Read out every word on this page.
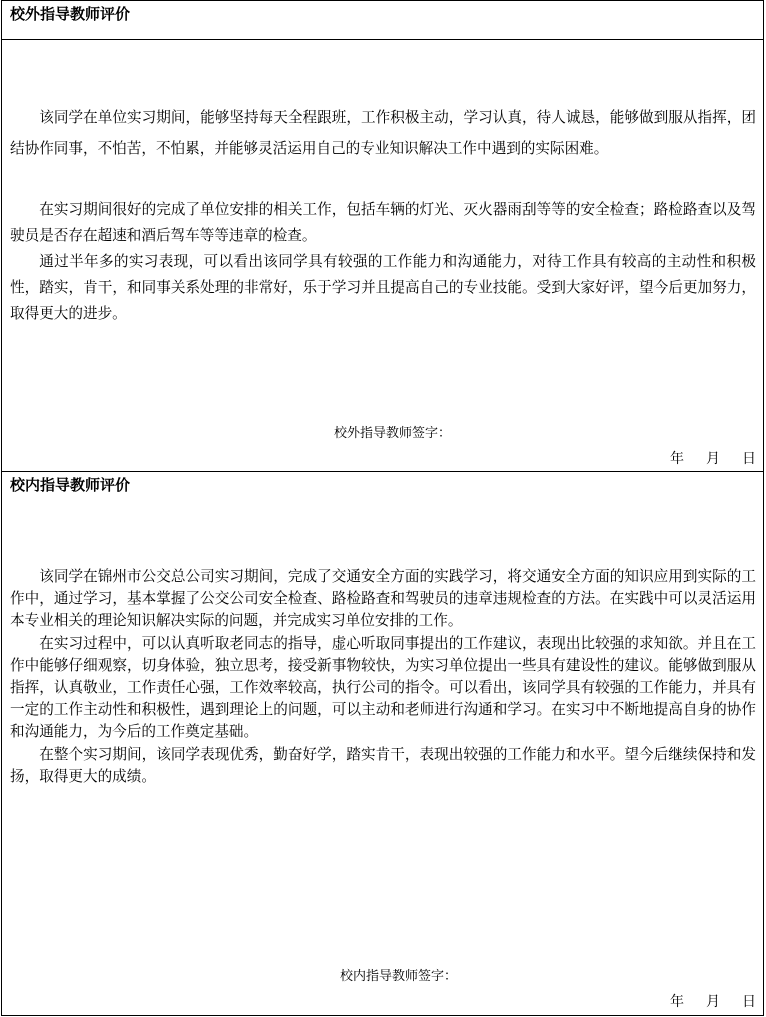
校外指导教师评价

该同学在单位实习期间，能够坚持每天全程跟班，工作积极主动，学习认真，待人诚恳，能够做到服从指挥，团结协作同事，不怕苦，不怕累，并能够灵活运用自己的专业知识解决工作中遇到的实际困难。

在实习期间很好的完成了单位安排的相关工作，包括车辆的灯光、灭火器雨刮等等的安全检查；路检路查以及驾驶员是否存在超速和酒后驾车等等违章的检查。

通过半年多的实习表现，可以看出该同学具有较强的工作能力和沟通能力，对待工作具有较高的主动性和积极性，踏实，肯干，和同事关系处理的非常好，乐于学习并且提高自己的专业技能。受到大家好评，望今后更加努力，取得更大的进步。

校外指导教师签字：
年 月 日
校内指导教师评价

该同学在锦州市公交总公司实习期间，完成了交通安全方面的实践学习，将交通安全方面的知识应用到实际的工作中，通过学习，基本掌握了公交公司安全检查、路检路查和驾驶员的违章违规检查的方法。在实践中可以灵活运用本专业相关的理论知识解决实际的问题，并完成实习单位安排的工作。

在实习过程中，可以认真听取老同志的指导，虚心听取同事提出的工作建议，表现出比较强的求知欲。并且在工作中能够仔细观察，切身体验，独立思考，接受新事物较快，为实习单位提出一些具有建设性的建议。能够做到服从指挥，认真敬业，工作责任心强，工作效率较高，执行公司的指令。可以看出，该同学具有较强的工作能力，并具有一定的工作主动性和积极性，遇到理论上的问题，可以主动和老师进行沟通和学习。在实习中不断地提高自身的协作和沟通能力，为今后的工作奠定基础。

在整个实习期间，该同学表现优秀，勤奋好学，踏实肯干，表现出较强的工作能力和水平。望今后继续保持和发扬，取得更大的成绩。

校内指导教师签字：
年 月 日
